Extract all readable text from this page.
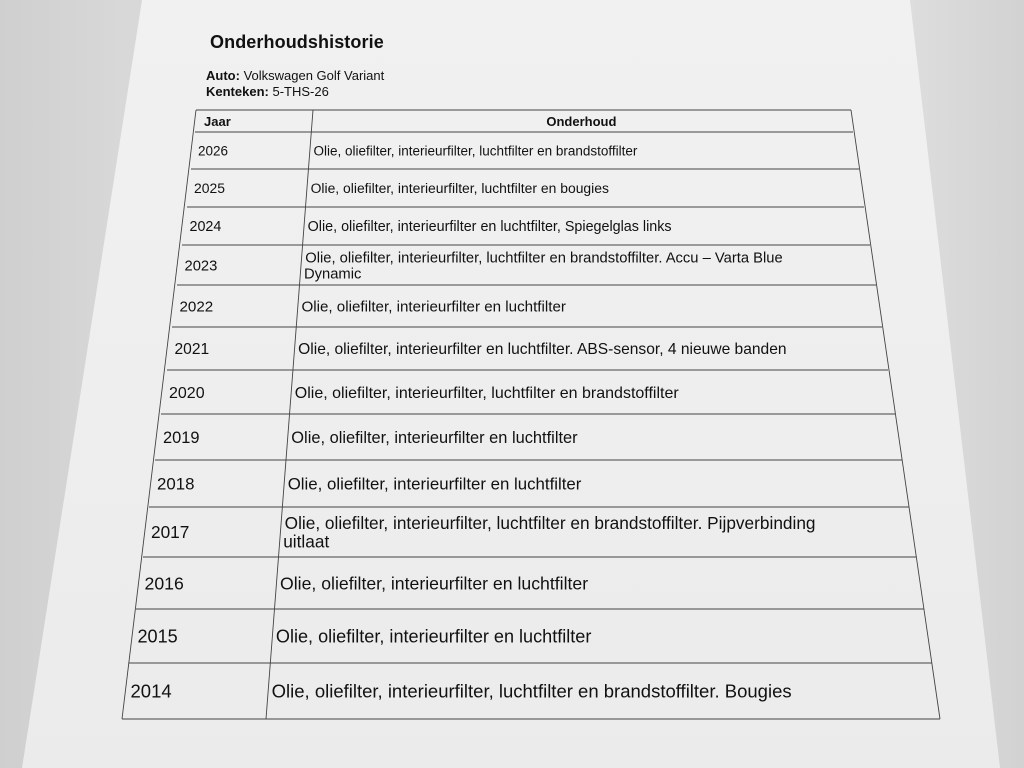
Onderhoudshistorie
Auto: Volkswagen Golf Variant
Kenteken: 5-THS-26
Jaar	Onderhoud
2026	Olie, oliefilter, interieurfilter, luchtfilter en brandstoffilter
2025	Olie, oliefilter, interieurfilter, luchtfilter en bougies
2024	Olie, oliefilter, interieurfilter en luchtfilter, Spiegelglas links
2023	Olie, oliefilter, interieurfilter, luchtfilter en brandstoffilter. Accu – Varta Blue
Dynamic
2022	Olie, oliefilter, interieurfilter en luchtfilter
2021	Olie, oliefilter, interieurfilter en luchtfilter. ABS-sensor, 4 nieuwe banden
2020	Olie, oliefilter, interieurfilter, luchtfilter en brandstoffilter
2019	Olie, oliefilter, interieurfilter en luchtfilter
2018	Olie, oliefilter, interieurfilter en luchtfilter
2017	Olie, oliefilter, interieurfilter, luchtfilter en brandstoffilter. Pijpverbinding
uitlaat
2016	Olie, oliefilter, interieurfilter en luchtfilter
2015	Olie, oliefilter, interieurfilter en luchtfilter
2014	Olie, oliefilter, interieurfilter, luchtfilter en brandstoffilter. Bougies
